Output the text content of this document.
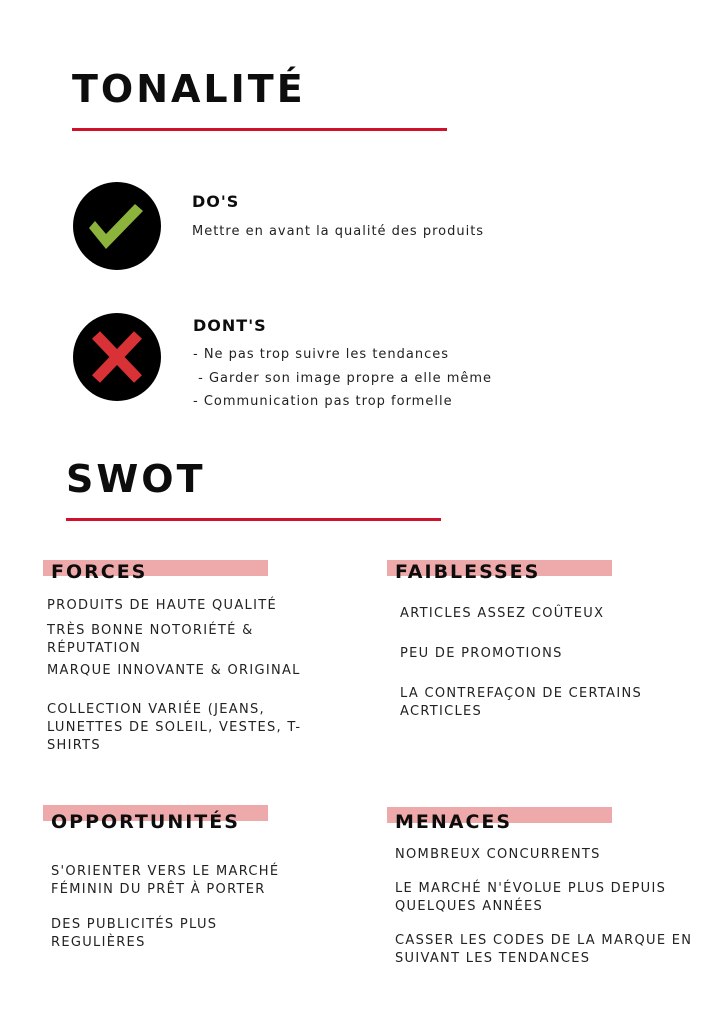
TONALITÉ
DO'S
Mettre en avant la qualité des produits
DONT'S
- Ne pas trop suivre les tendances
- Garder son image propre a elle même
- Communication pas trop formelle
SWOT
FORCES
PRODUITS DE HAUTE QUALITÉ
TRÈS BONNE NOTORIÉTÉ & RÉPUTATION
MARQUE INNOVANTE & ORIGINAL
COLLECTION VARIÉE (JEANS, LUNETTES DE SOLEIL, VESTES, T-SHIRTS
FAIBLESSES
ARTICLES ASSEZ COÛTEUX
PEU DE PROMOTIONS
LA CONTREFAÇON DE CERTAINS ACRTICLES
OPPORTUNITÉS
S'ORIENTER VERS LE MARCHÉ FÉMININ DU PRÊT À PORTER
DES PUBLICITÉS PLUS REGULIÈRES
MENACES
NOMBREUX CONCURRENTS
LE MARCHÉ N'ÉVOLUE PLUS DEPUIS QUELQUES ANNÉES
CASSER LES CODES DE LA MARQUE EN SUIVANT LES TENDANCES
